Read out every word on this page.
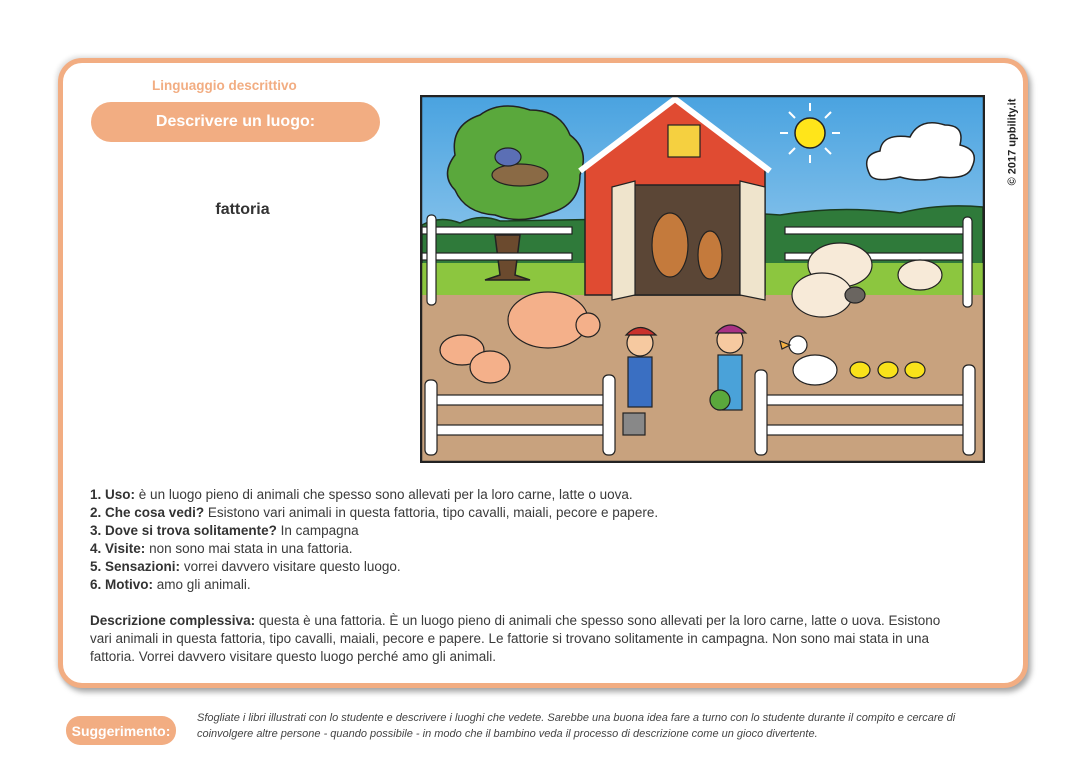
Linguaggio descrittivo
Descrivere un luogo:
fattoria
© 2017 upbility.it
1. Uso: è un luogo pieno di animali che spesso sono allevati per la loro carne, latte o uova.
2. Che cosa vedi? Esistono vari animali in questa fattoria, tipo cavalli, maiali, pecore e papere.
3. Dove si trova solitamente? In campagna
4. Visite: non sono mai stata in una fattoria.
5. Sensazioni: vorrei davvero visitare questo luogo.
6. Motivo: amo gli animali.
Descrizione complessiva: questa è una fattoria. È un luogo pieno di animali che spesso sono allevati per la loro carne, latte o uova. Esistono vari animali in questa fattoria, tipo cavalli, maiali, pecore e papere. Le fattorie si trovano solitamente in campagna. Non sono mai stata in una fattoria. Vorrei davvero visitare questo luogo perché amo gli animali.
Suggerimento:
Sfogliate i libri illustrati con lo studente e descrivere i luoghi che vedete. Sarebbe una buona idea fare a turno con lo studente durante il compito e cercare di coinvolgere altre persone - quando possibile - in modo che il bambino veda il processo di descrizione come un gioco divertente.
